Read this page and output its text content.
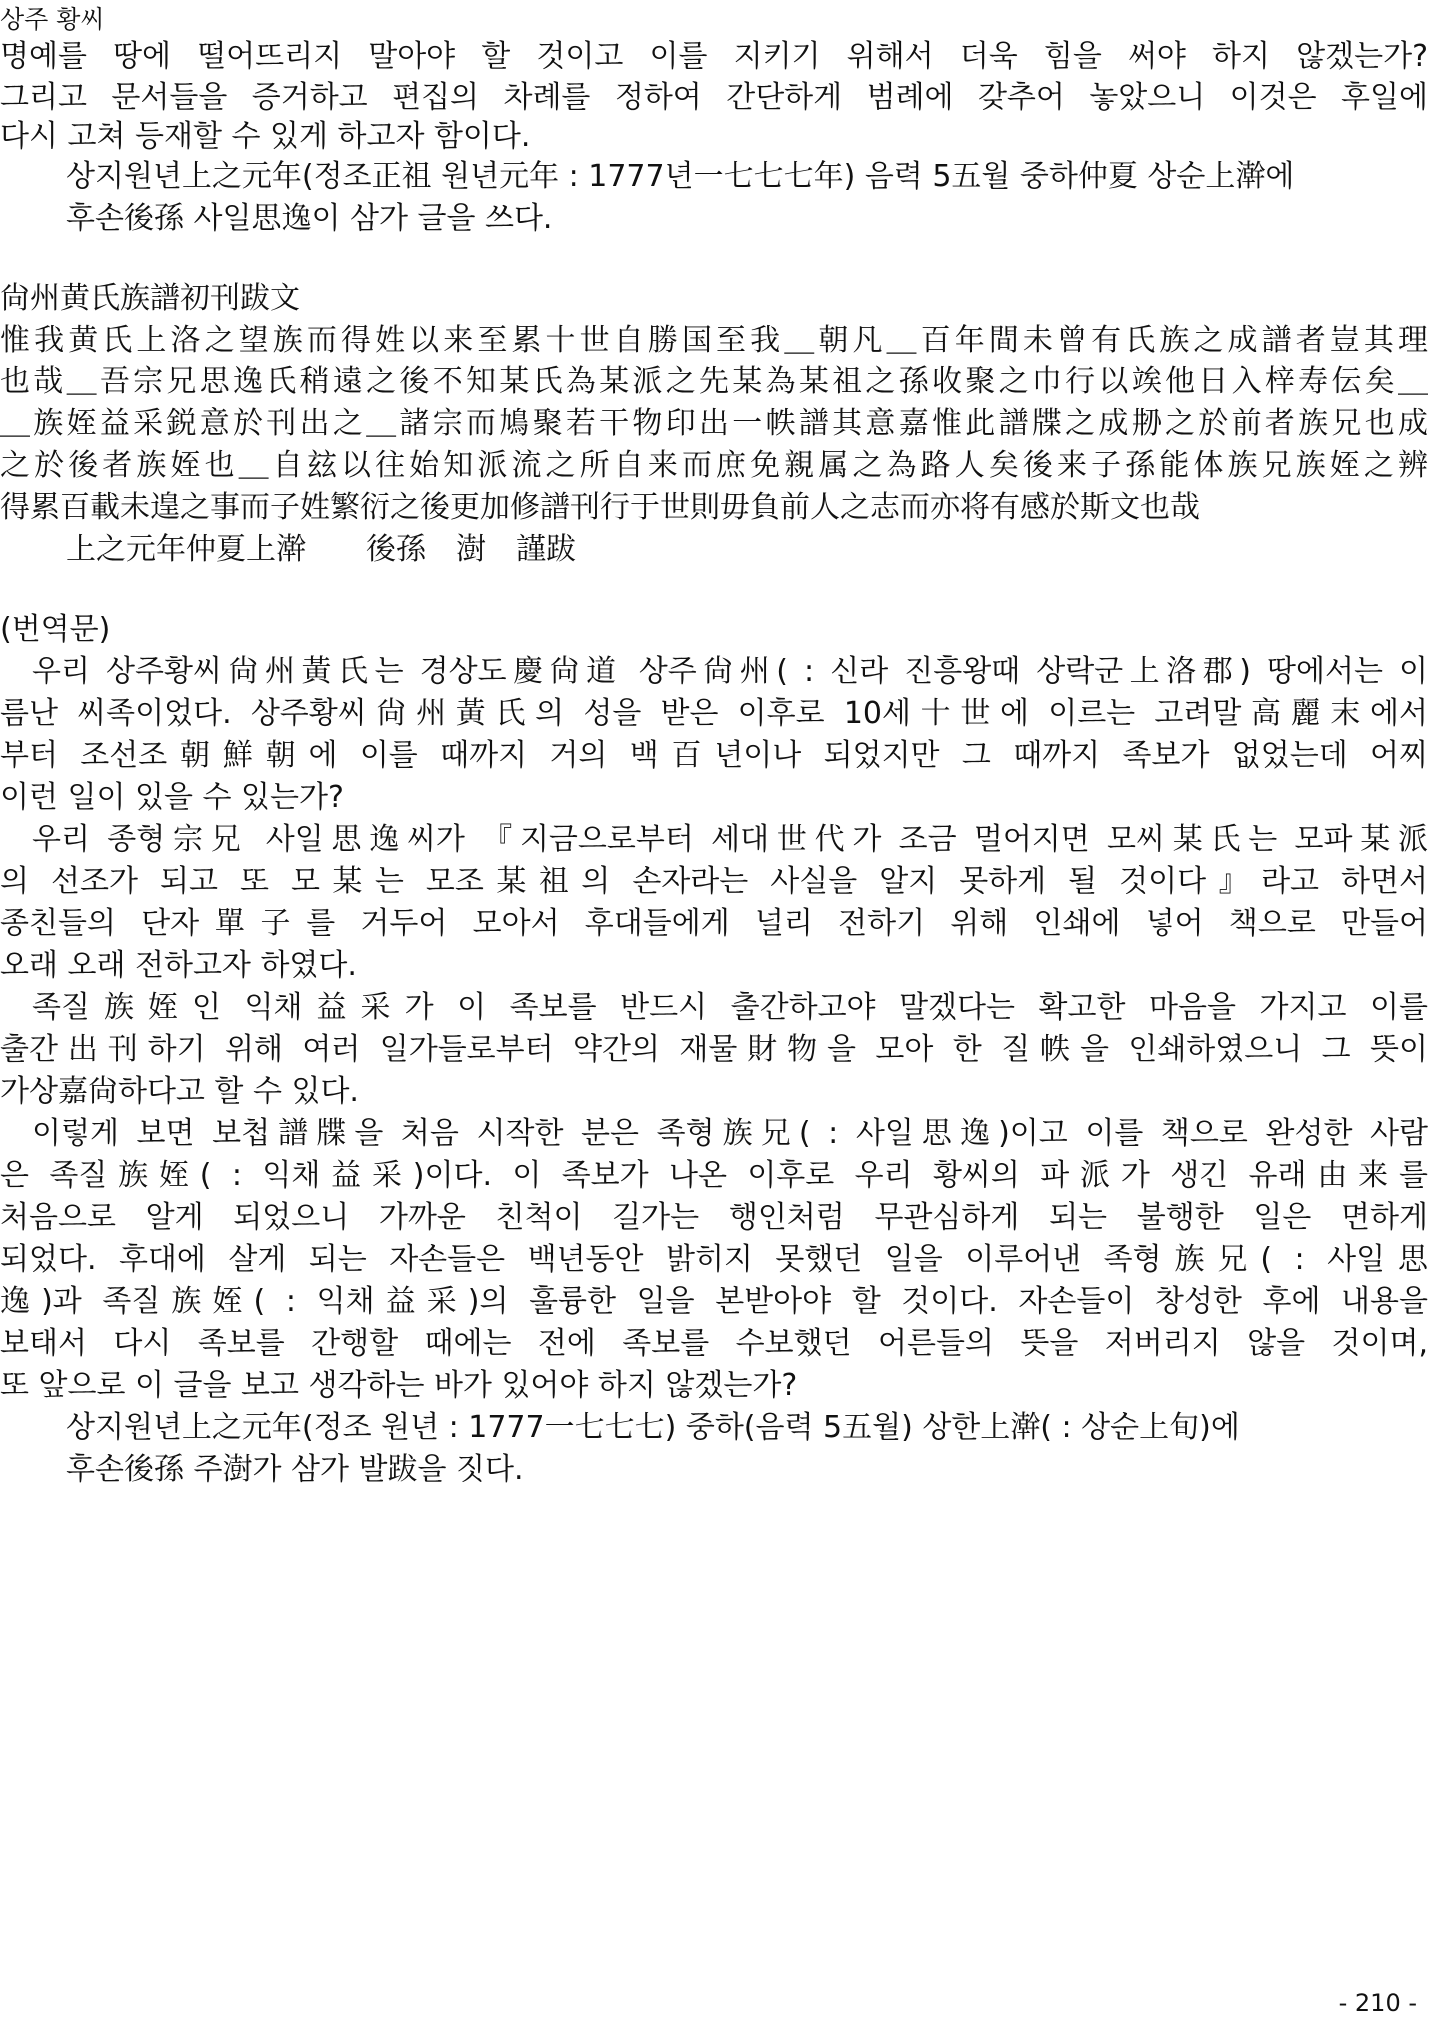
상주 황씨
명예를 땅에 떨어뜨리지 말아야 할 것이고 이를 지키기 위해서 더욱 힘을 써야 하지 않겠는가?
그리고 문서들을 증거하고 편집의 차례를 정하여 간단하게 범례에 갖추어 놓았으니 이것은 후일에
다시 고쳐 등재할 수 있게 하고자 함이다.
상지원년上之元年(정조正祖 원년元年 : 1777년一七七七年) 음력 5五월 중하仲夏 상순上澣에
후손後孫 사일思逸이 삼가 글을 쓰다.
尙州黄氏族譜初刊跋文
惟我黄氏上洛之望族而得姓以来至累十世自勝国至我＿朝凡＿百年間未曾有氏族之成譜者豈其理
也哉＿吾宗兄思逸氏稍遠之後不知某氏為某派之先某為某祖之孫收聚之巾行以竢他日入梓寿伝矣＿
＿族姪益采鋭意於刊出之＿諸宗而鳩聚若干物印出一帙譜其意嘉惟此譜牒之成刱之於前者族兄也成
之於後者族姪也＿自玆以往始知派流之所自来而庶免親属之為路人矣後来子孫能体族兄族姪之辨
得累百載未遑之事而子姓繁衍之後更加修譜刊行于世則毋負前人之志而亦将有感於斯文也哉
上之元年仲夏上澣　　後孫　澍　謹跋
(번역문)
우리 상주황씨尙州黃氏는 경상도慶尙道 상주尙州( : 신라 진흥왕때 상락군上洛郡) 땅에서는 이
름난 씨족이었다. 상주황씨尙州黃氏의 성을 받은 이후로 10세十世에 이르는 고려말高麗末에서
부터 조선조朝鮮朝에 이를 때까지 거의 백百년이나 되었지만 그 때까지 족보가 없었는데 어찌
이런 일이 있을 수 있는가?
우리 종형宗兄 사일思逸씨가 『지금으로부터 세대世代가 조금 멀어지면 모씨某氏는 모파某派
의 선조가 되고 또 모某는 모조某祖의 손자라는 사실을 알지 못하게 될 것이다』라고 하면서
종친들의 단자單子를 거두어 모아서 후대들에게 널리 전하기 위해 인쇄에 넣어 책으로 만들어
오래 오래 전하고자 하였다.
족질族姪인 익채益采가 이 족보를 반드시 출간하고야 말겠다는 확고한 마음을 가지고 이를
출간出刊하기 위해 여러 일가들로부터 약간의 재물財物을 모아 한 질帙을 인쇄하였으니 그 뜻이
가상嘉尙하다고 할 수 있다.
이렇게 보면 보첩譜牒을 처음 시작한 분은 족형族兄( : 사일思逸)이고 이를 책으로 완성한 사람
은 족질族姪( : 익채益采)이다. 이 족보가 나온 이후로 우리 황씨의 파派가 생긴 유래由来를
처음으로 알게 되었으니 가까운 친척이 길가는 행인처럼 무관심하게 되는 불행한 일은 면하게
되었다. 후대에 살게 되는 자손들은 백년동안 밝히지 못했던 일을 이루어낸 족형族兄( : 사일思
逸)과 족질族姪( : 익채益采)의 훌륭한 일을 본받아야 할 것이다. 자손들이 창성한 후에 내용을
보태서 다시 족보를 간행할 때에는 전에 족보를 수보했던 어른들의 뜻을 저버리지 않을 것이며,
또 앞으로 이 글을 보고 생각하는 바가 있어야 하지 않겠는가?
상지원년上之元年(정조 원년 : 1777一七七七) 중하(음력 5五월) 상한上澣( : 상순上旬)에
후손後孫 주澍가 삼가 발跋을 짓다.
- 210 -
